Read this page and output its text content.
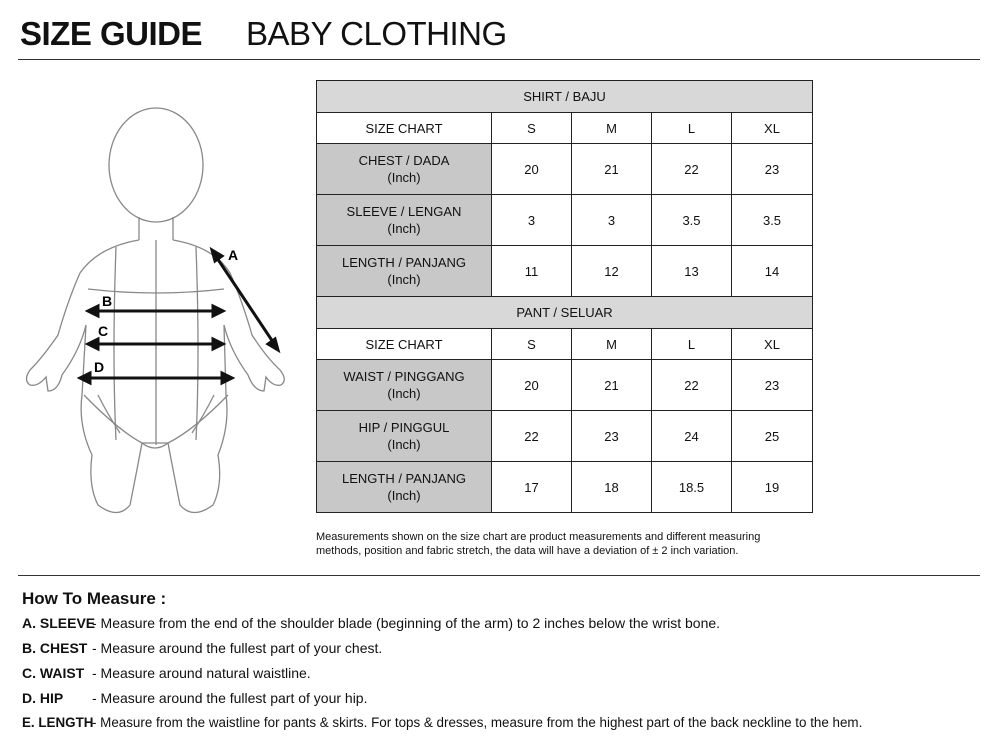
SIZE GUIDE BABY CLOTHING
A
B
C
D
SHIRT / BAJU				
SIZE CHART	S	M	L	XL
CHEST / DADA
(Inch)	20	21	22	23
SLEEVE / LENGAN
(Inch)	3	3	3.5	3.5
LENGTH / PANJANG
(Inch)	11	12	13	14
PANT / SELUAR				
SIZE CHART	S	M	L	XL
WAIST / PINGGANG
(Inch)	20	21	22	23
HIP / PINGGUL
(Inch)	22	23	24	25
LENGTH / PANJANG
(Inch)	17	18	18.5	19
Measurements shown on the size chart are product measurements and different measuring
methods, position and fabric stretch, the data will have a deviation of ± 2 inch variation.
How To Measure :
A. SLEEVE
- Measure from the end of the shoulder blade (beginning of the arm) to 2 inches below the wrist bone.
B. CHEST - Measure around the fullest part of your chest.
C. WAIST - Measure around natural waistline.
D. HIP	- Measure around the fullest part of your hip.
E. LENGTH
- Measure from the waistline for pants & skirts. For tops & dresses, measure from the highest part of the back neckline to the hem.
